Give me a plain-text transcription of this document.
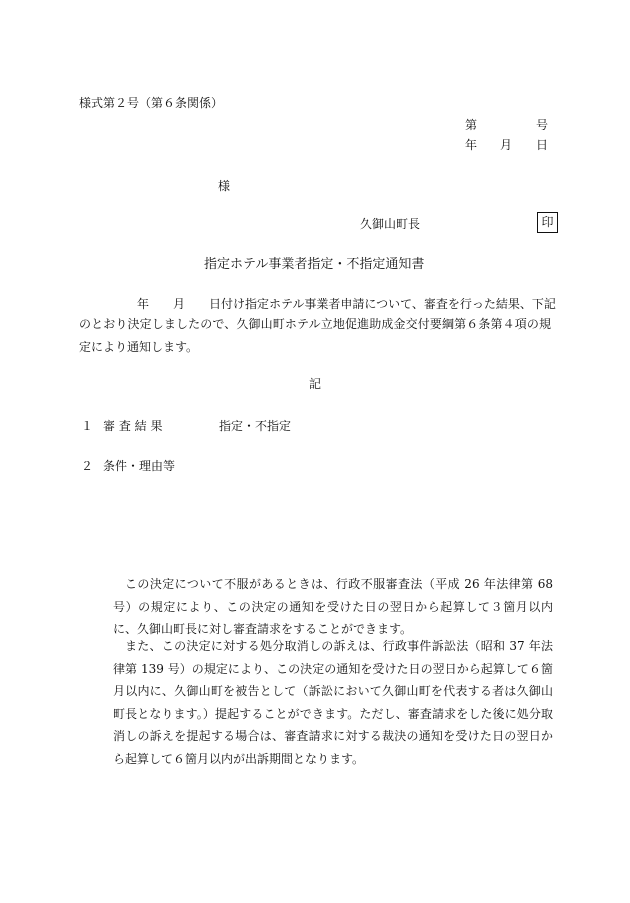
様式第２号（第６条関係）
第	号
年 月 日
様
久御山町長	印
指定ホテル事業者指定・不指定通知書
年 月 日付け指定ホテル事業者申請について、審査を行った結果、下記
のとおり決定しましたので、久御山町ホテル立地促進助成金交付要綱第６条第４項の規定により通知します。
記
１ 審 査 結 果	指定・不指定
２ 条件・理由等
この決定について不服があるときは、行政不服審査法（平成 26 年法律第 68 号）の規定により、この決定の通知を受けた日の翌日から起算して３箇月以内に、久御山町長に対し審査請求をすることができます。
また、この決定に対する処分取消しの訴えは、行政事件訴訟法（昭和 37 年法律第 139 号）の規定により、この決定の通知を受けた日の翌日から起算して６箇月以内に、久御山町を被告として（訴訟において久御山町を代表する者は久御山町長となります。）提起することができます。ただし、審査請求をした後に処分取消しの訴えを提起する場合は、審査請求に対する裁決の通知を受けた日の翌日から起算して６箇月以内が出訴期間となります。
